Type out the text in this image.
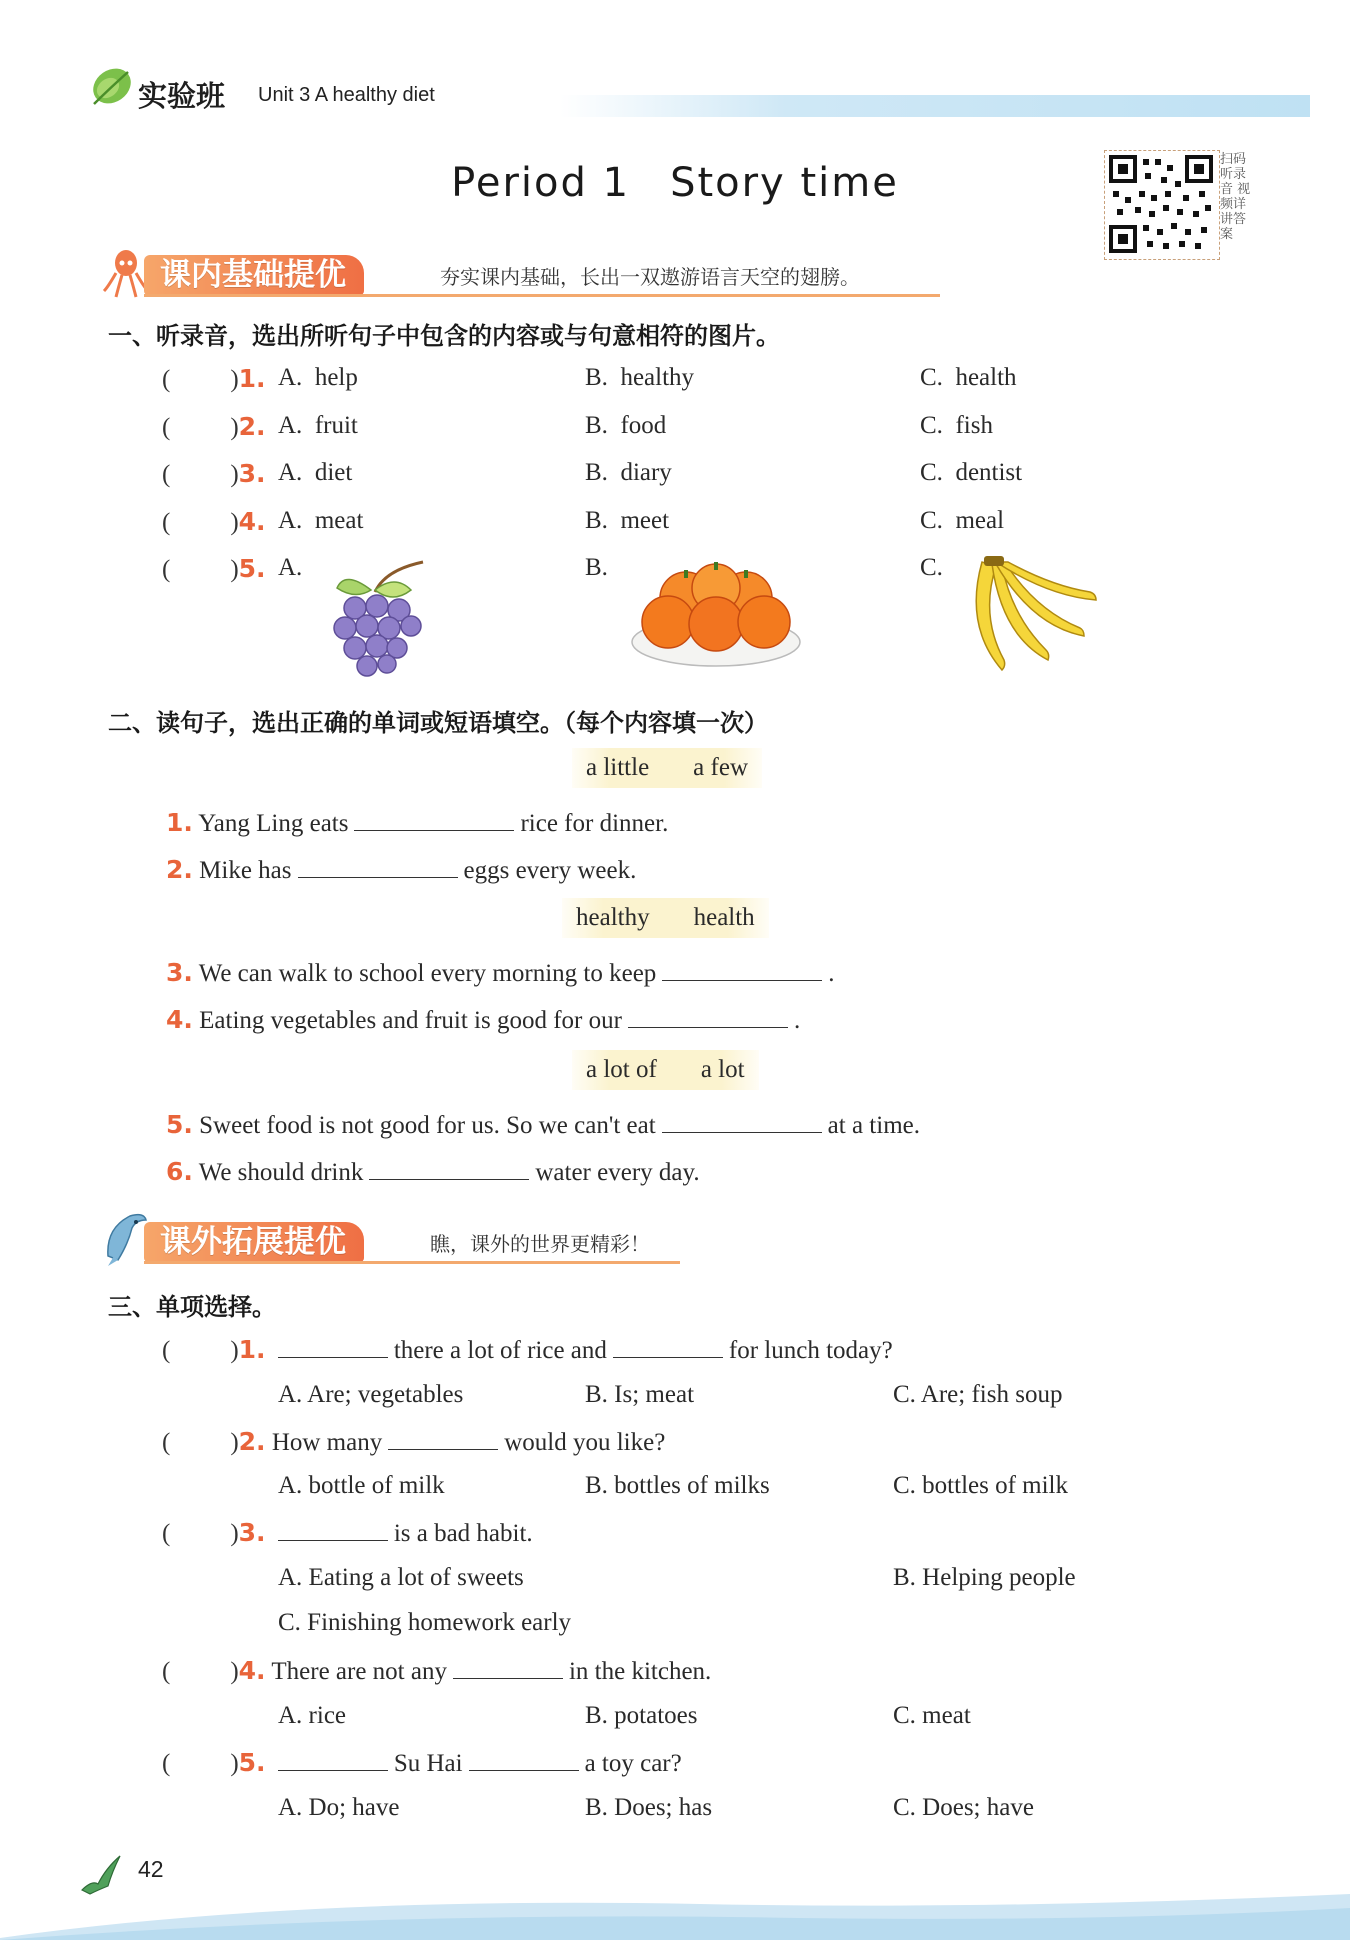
实验班 Unit 3 A healthy diet
Period 1 Story time
扫码听录音 视频详讲答案
课内基础提优	夯实课内基础，长出一双遨游语言天空的翅膀。
一、听录音，选出所听句子中包含的内容或与句意相符的图片。
( )1. A. help	B. healthy	C. health
( )2. A. fruit	B. food	C. fish
( )3. A. diet	B. diary	C. dentist
( )4. A. meat	B. meet	C. meal
( )5. A.	B.	C.
二、读句子，选出正确的单词或短语填空。（每个内容填一次）
a little a few
1. Yang Ling eats	rice for dinner.
2. Mike has	eggs every week.
healthy health
3. We can walk to school every morning to keep	.
4. Eating vegetables and fruit is good for our	.
a lot of a lot
5. Sweet food is not good for us. So we can't eat	at a time.
6. We should drink	water every day.
课外拓展提优	瞧，课外的世界更精彩！
三、单项选择。
( )1.	there a lot of rice and	for lunch today?
A. Are; vegetables	B. Is; meat	C. Are; fish soup
( )2. How many	would you like?
A. bottle of milk	B. bottles of milks	C. bottles of milk
( )3.	is a bad habit.
A. Eating a lot of sweets	B. Helping people
C. Finishing homework early
( )4. There are not any	in the kitchen.
A. rice	B. potatoes	C. meat
( )5.	Su Hai	a toy car?
A. Do; have	B. Does; has	C. Does; have
42
